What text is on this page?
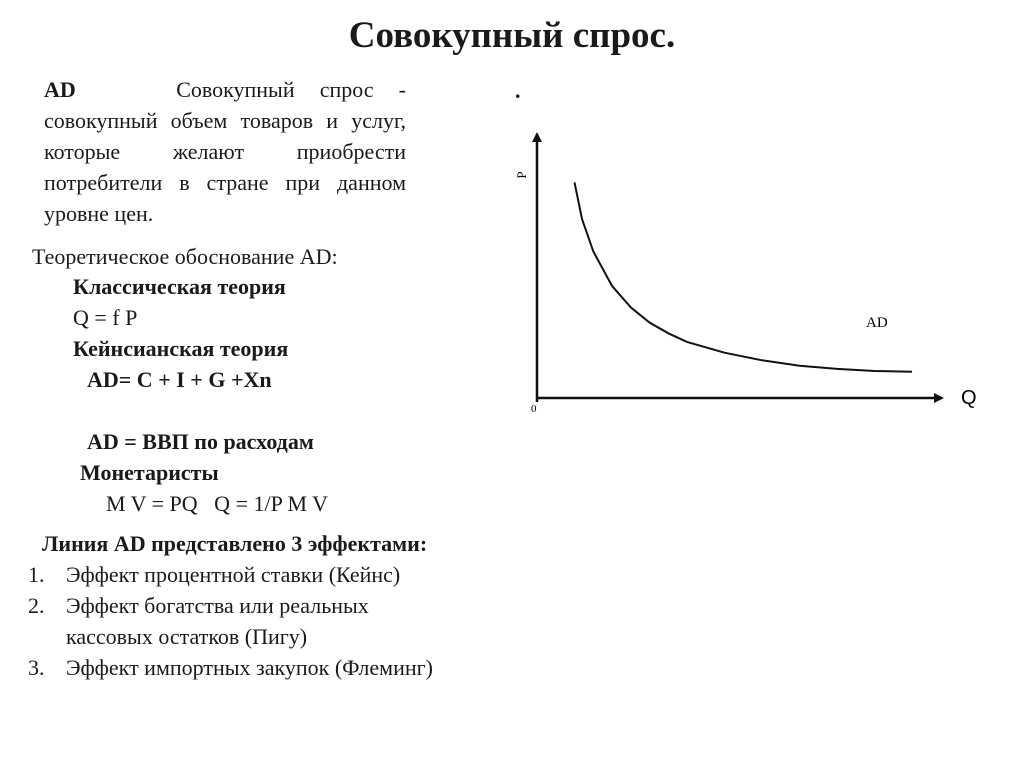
Совокупный спрос.
AD	Совокупный спрос - совокупный объем товаров и услуг, которые желают приобрести потребители в стране при данном уровне цен.
.
Теоретическое обоснование AD:
Классическая теория
Q = f P
Кейнсианская теория
AD= C + I + G +Xn
AD = ВВП по расходам
Монетаристы
M V = PQ   Q = 1/P M V
Линия AD представлено 3 эффектами:
1. Эффект процентной ставки (Кейнс)
2. Эффект богатства или реальных
кассовых остатков (Пигу)
3. Эффект импортных закупок (Флеминг)
P
Q
0
AD
